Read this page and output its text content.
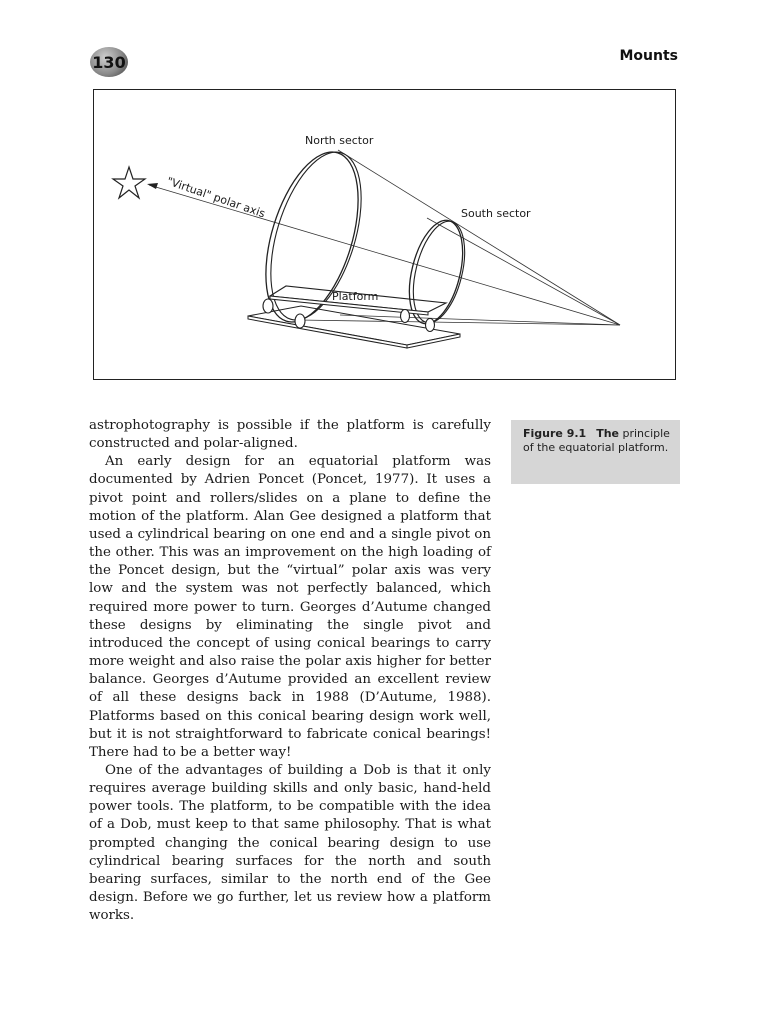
130	Mounts
North sector
South sector
"Virtual" polar axis
Platform
Figure 9.1 The principle of the equatorial platform.

astrophotography is possible if the platform is carefully constructed and polar-aligned.

An early design for an equatorial platform was documented by Adrien Poncet (Poncet, 1977). It uses a pivot point and rollers/slides on a plane to define the motion of the platform. Alan Gee designed a platform that used a cylindrical bearing on one end and a single pivot on the other. This was an improvement on the high loading of the Poncet design, but the “virtual” polar axis was very low and the system was not perfectly balanced, which required more power to turn. Georges d’Autume changed these designs by eliminating the single pivot and introduced the concept of using conical bearings to carry more weight and also raise the polar axis higher for better balance. Georges d’Autume provided an excellent review of all these designs back in 1988 (D’Autume, 1988). Platforms based on this conical bearing design work well, but it is not straightforward to fabricate conical bearings! There had to be a better way!

One of the advantages of building a Dob is that it only requires average building skills and only basic, hand-held power tools. The platform, to be compatible with the idea of a Dob, must keep to that same philosophy. That is what prompted changing the conical bearing design to use cylindrical bearing surfaces for the north and south bearing surfaces, similar to the north end of the Gee design. Before we go further, let us review how a platform works.
